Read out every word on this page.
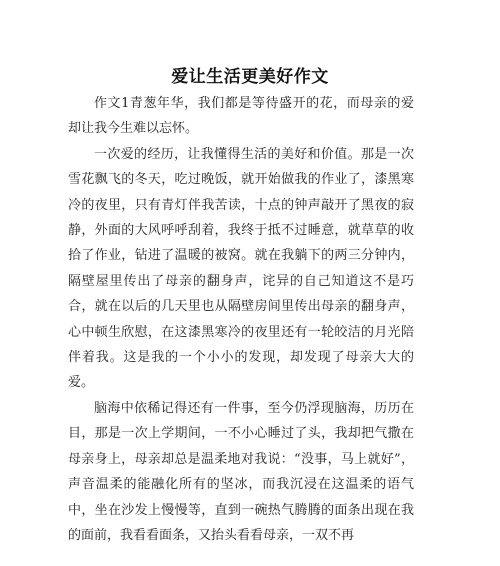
爱让生活更美好作文

作文1青葱年华，我们都是等待盛开的花，而母亲的爱却让我今生难以忘怀。

一次爱的经历，让我懂得生活的美好和价值。那是一次雪花飘飞的冬天，吃过晚饭，就开始做我的作业了，漆黑寒冷的夜里，只有青灯伴我苦读，十点的钟声敲开了黑夜的寂静，外面的大风呼呼刮着，我终于抵不过睡意，就草草的收拾了作业，钻进了温暖的被窝。就在我躺下的两三分钟内，隔壁屋里传出了母亲的翻身声，诧异的自己知道这不是巧合，就在以后的几天里也从隔壁房间里传出母亲的翻身声，心中顿生欣慰，在这漆黑寒冷的夜里还有一轮皎洁的月光陪伴着我。这是我的一个小小的发现，却发现了母亲大大的爱。

脑海中依稀记得还有一件事，至今仍浮现脑海，历历在目，那是一次上学期间，一不小心睡过了头，我却把气撒在母亲身上，母亲却总是温柔地对我说：“没事，马上就好”，声音温柔的能融化所有的坚冰，而我沉浸在这温柔的语气中，坐在沙发上慢慢等，直到一碗热气腾腾的面条出现在我的面前，我看看面条，又抬头看看母亲，一双不再
